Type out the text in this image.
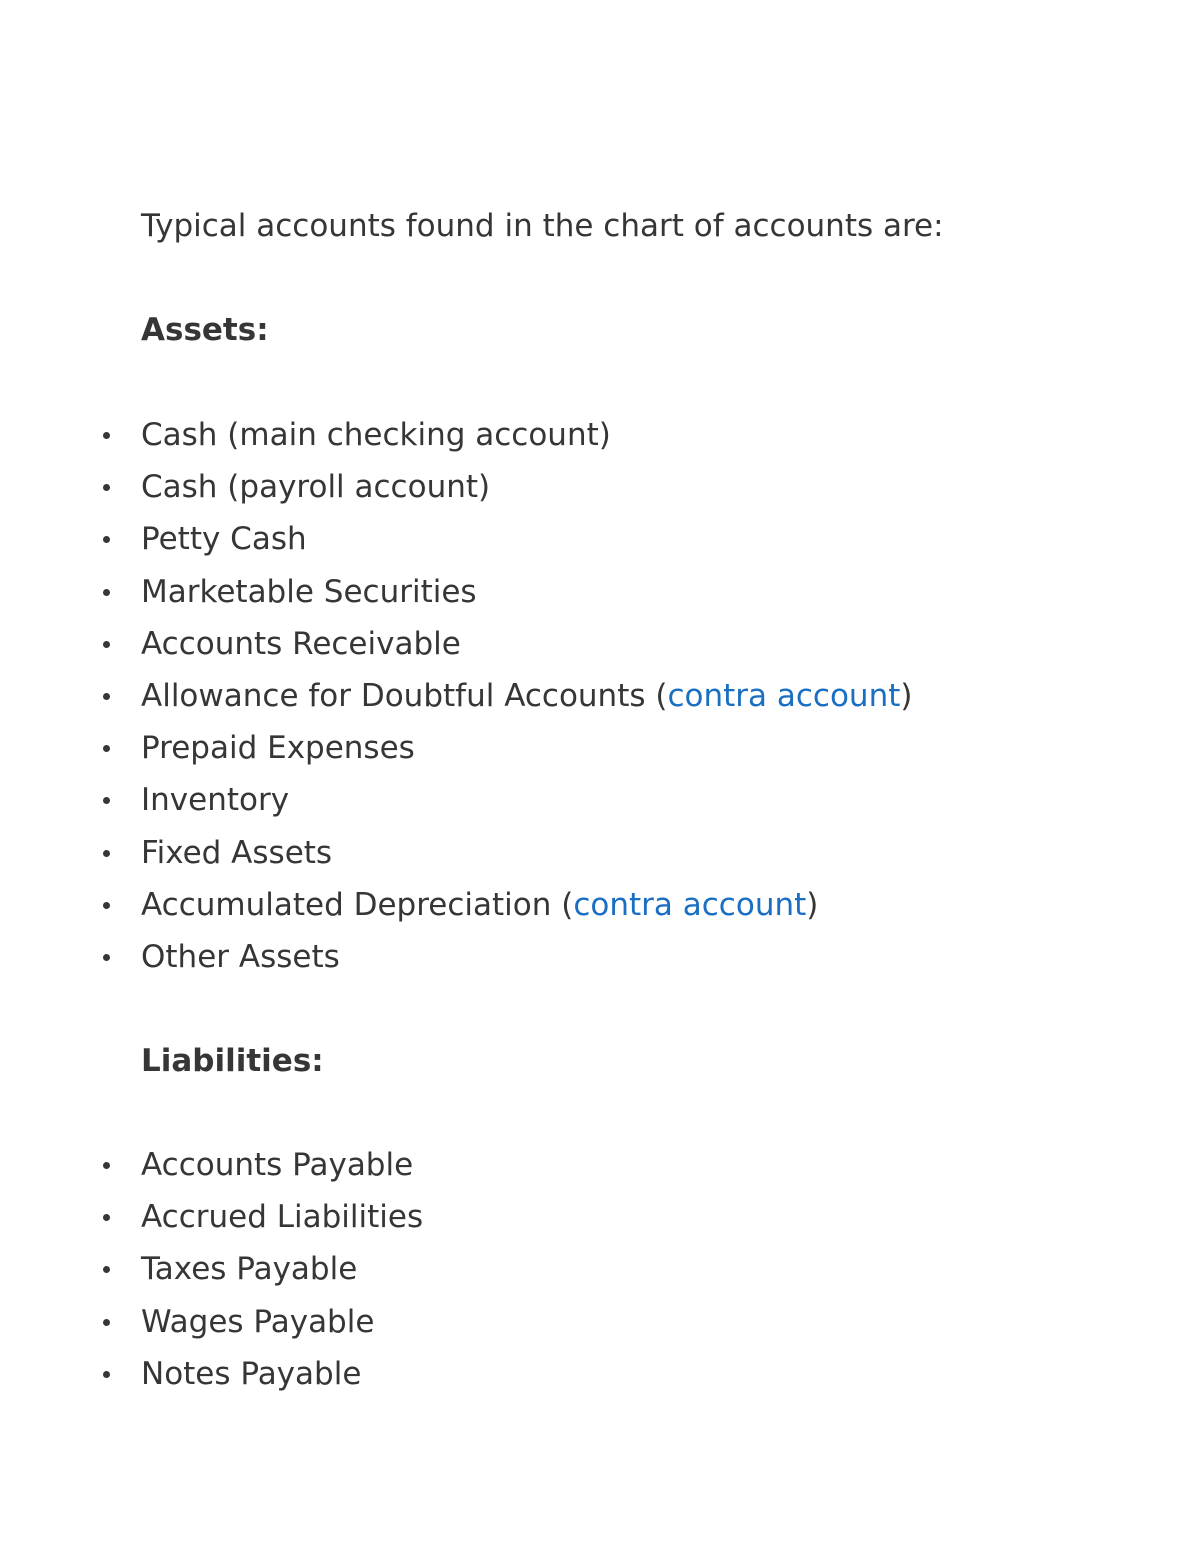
Typical accounts found in the chart of accounts are:

Assets:

Cash (main checking account)
Cash (payroll account)
Petty Cash
Marketable Securities
Accounts Receivable
Allowance for Doubtful Accounts (contra account)
Prepaid Expenses
Inventory
Fixed Assets
Accumulated Depreciation (contra account)
Other Assets

Liabilities:

Accounts Payable
Accrued Liabilities
Taxes Payable
Wages Payable
Notes Payable
